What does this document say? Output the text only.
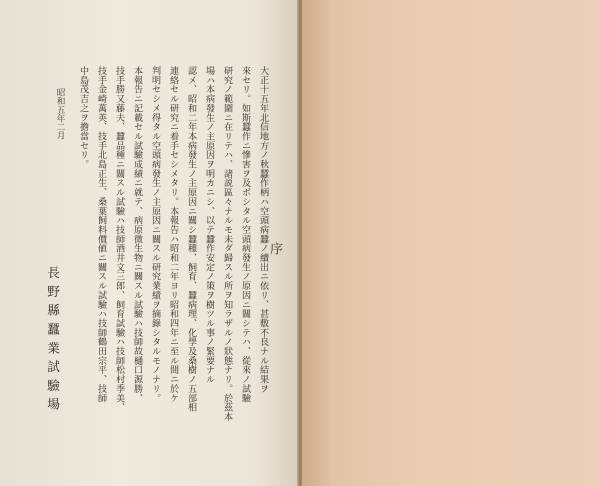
大正十五年北信地方ノ秋蠶作柄ハ空頭病蠶ノ續出ニ依リ、甚敷不良ナル結果ヲ
來セリ。如斯蠶作ニ慘害ヲ及ボシタル空頭病發生ノ原因ニ關シテハ、從來ノ試驗
研究ノ範圍ニ在リテハ、諸説區々ナルモ未ダ歸スル所ヲ知ラザルノ狀態ナリ。於茲本
場ハ本病發生ノ主原因ヲ明カニシ、以テ蠶作安定ノ策ヲ樹ツル事ノ緊要ナル
認メ、昭和二年本病發生ノ主原因ニ關シ蠶種、飼育、蠶病理、化學及桑樹ノ五部相
連絡セル研究ニ着手セシメタリ。本報告ハ昭和二年ヨリ昭和四年ニ至ル間ニ於ケ
判明セシメ得タル空頭病發生ノ主原因ニ關スル研究業績ヲ摘錄シタルモノナリ。
本報告ニ記載セル試驗成績ニ就テ、病原微生物ニ關スル試驗ハ技師故樋口源勝、
技手勝又藤夫、蠶品種ニ關スル試驗ハ技師酒井文三郎、飼育試驗ハ技師松村季美、
技手金崎萬英、技手北島正生、桑葉飼料價値ニ關スル試驗ハ技師鶴田宗平、技師
中島茂吉之ヲ擔當セリ。
序
昭和五年二月
長野縣蠶業試驗場
